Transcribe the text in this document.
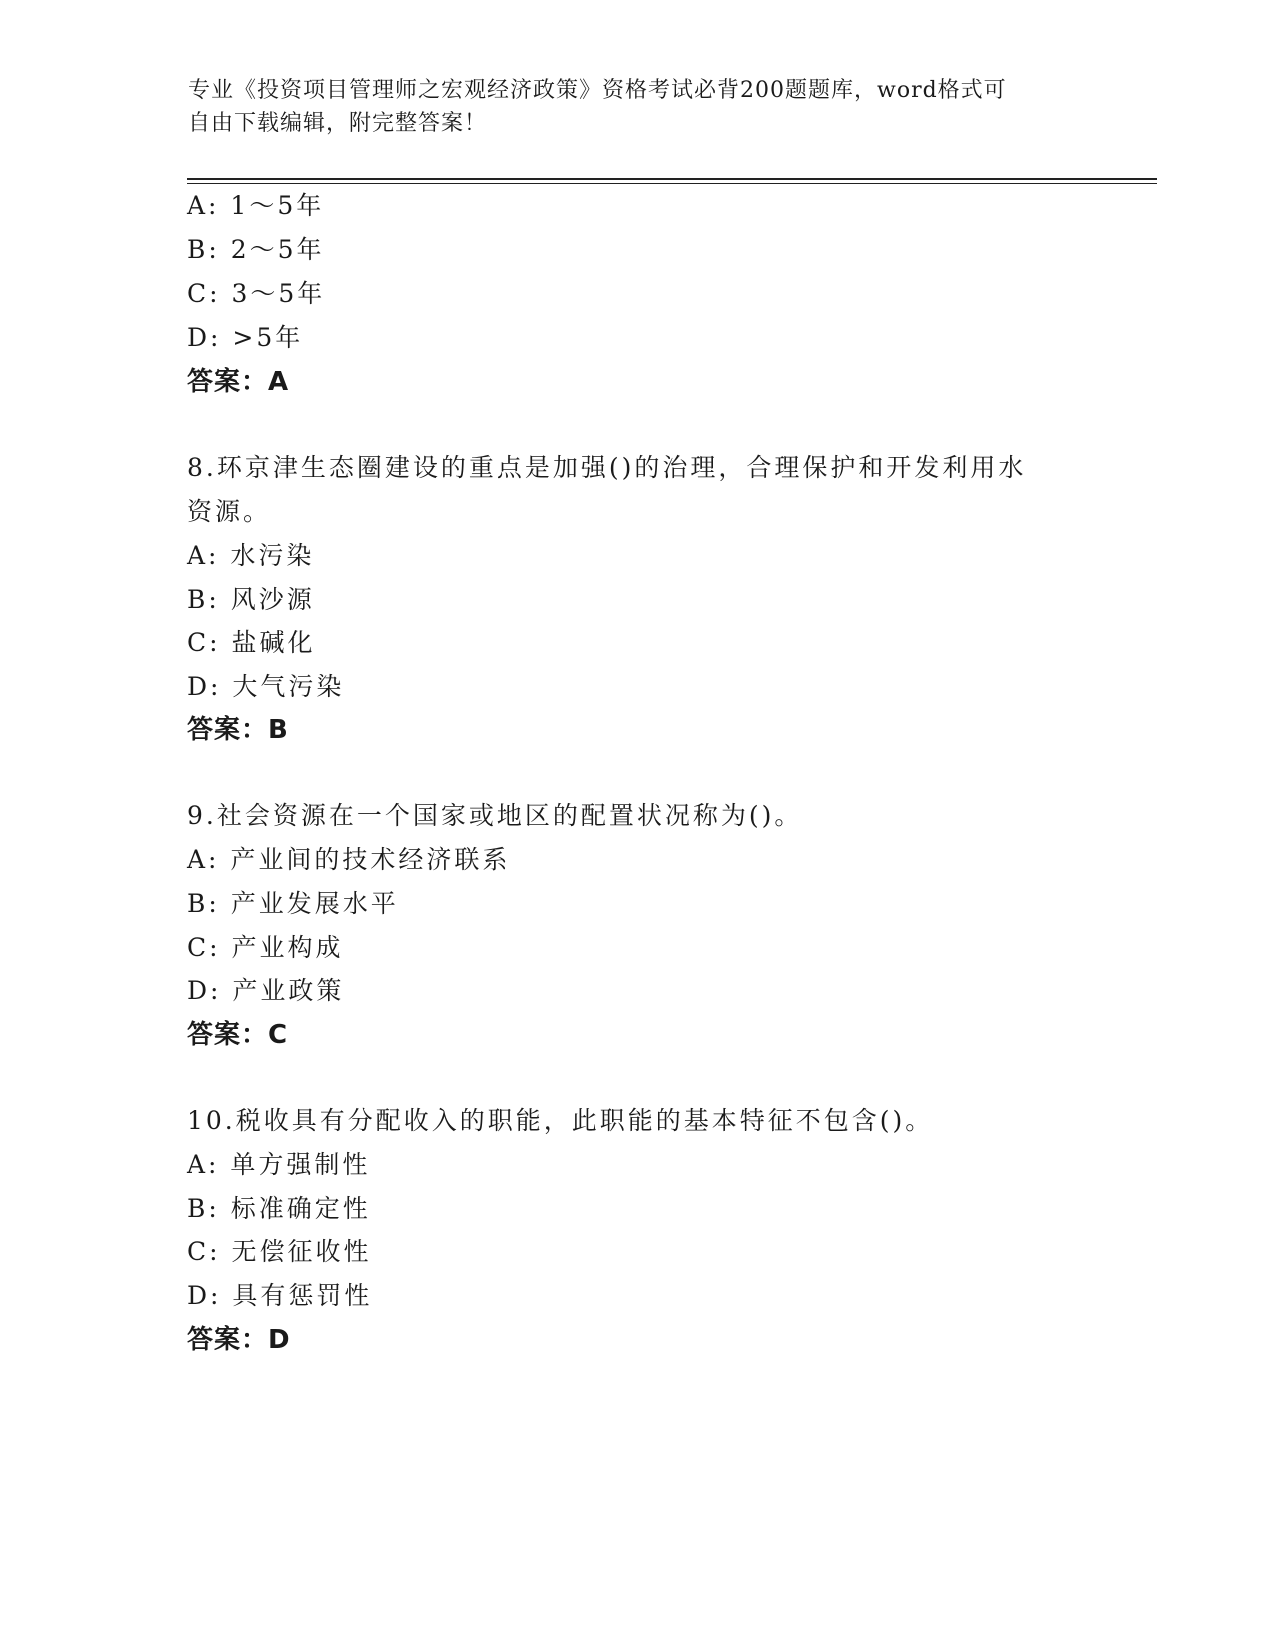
专业《投资项目管理师之宏观经济政策》资格考试必背200题题库，word格式可
自由下载编辑，附完整答案！
A: 1～5年
B: 2～5年
C: 3～5年
D: >5年
答案：A
8.环京津生态圈建设的重点是加强()的治理，合理保护和开发利用水
资源。
A: 水污染
B: 风沙源
C: 盐碱化
D: 大气污染
答案：B
9.社会资源在一个国家或地区的配置状况称为()。
A: 产业间的技术经济联系
B: 产业发展水平
C: 产业构成
D: 产业政策
答案：C
10.税收具有分配收入的职能，此职能的基本特征不包含()。
A: 单方强制性
B: 标准确定性
C: 无偿征收性
D: 具有惩罚性
答案：D
